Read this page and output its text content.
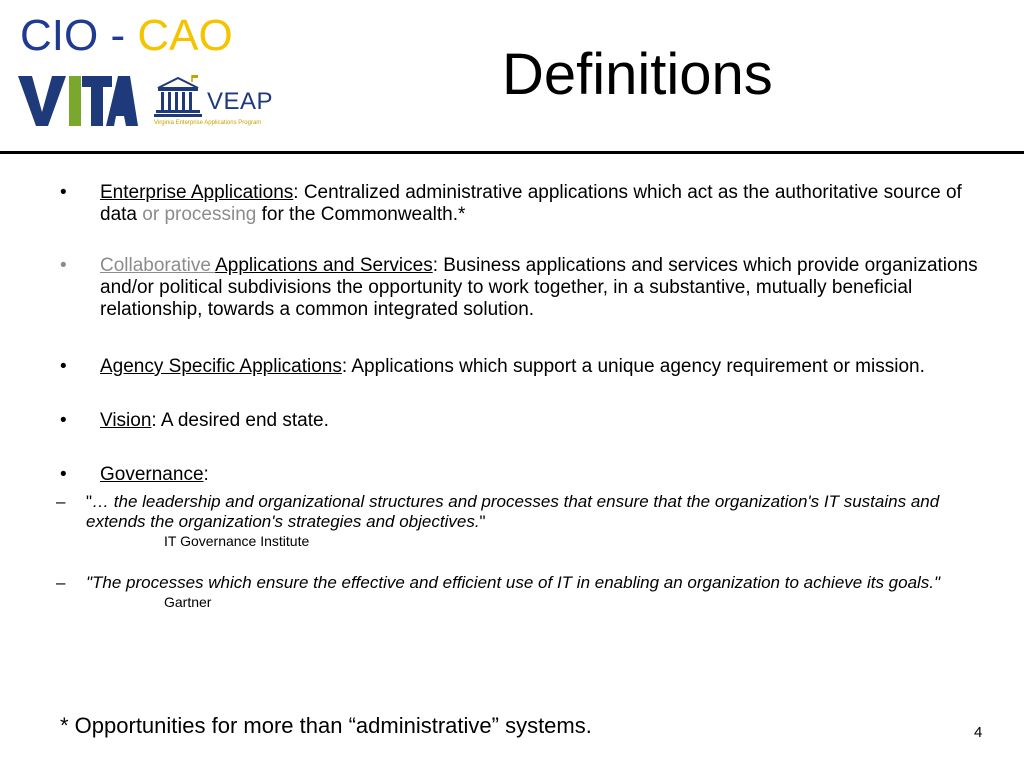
CIO - CAO
VEAP
Virginia Enterprise Applications Program
Definitions
•	Enterprise Applications: Centralized administrative applications which act as the authoritative source of data or processing for the Commonwealth.*
•	Collaborative Applications and Services: Business applications and services which provide organizations and/or political subdivisions the opportunity to work together, in a substantive, mutually beneficial relationship, towards a common integrated solution.
•	Agency Specific Applications: Applications which support a unique agency requirement or mission.
•	Vision: A desired end state.
•	Governance:
– "… the leadership and organizational structures and processes that ensure that the organization's IT sustains and extends the organization's strategies and objectives."
IT Governance Institute
– "The processes which ensure the effective and efficient use of IT in enabling an organization to achieve its goals."
Gartner
* Opportunities for more than “administrative” systems.	4
